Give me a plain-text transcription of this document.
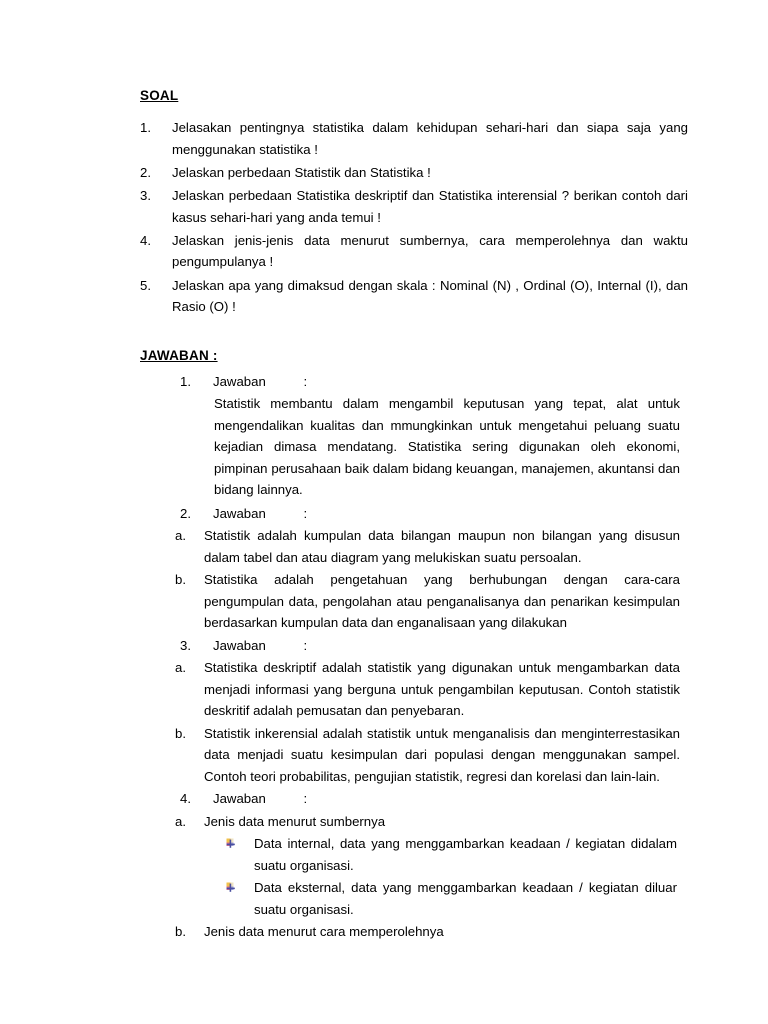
SOAL
1.	Jelasakan pentingnya statistika dalam kehidupan sehari-hari dan siapa saja yang menggunakan statistika !
2.	Jelaskan perbedaan Statistik dan Statistika !
3.	Jelaskan perbedaan Statistika deskriptif dan Statistika interensial ? berikan contoh dari kasus sehari-hari yang anda temui !
4.	Jelaskan jenis-jenis data menurut sumbernya, cara memperolehnya dan waktu pengumpulanya !
5.	Jelaskan apa yang dimaksud dengan skala : Nominal (N) , Ordinal (O), Internal (I), dan Rasio (O) !
JAWABAN :
1.	Jawaban	:
Statistik membantu dalam mengambil keputusan yang tepat, alat untuk mengendalikan kualitas dan mmungkinkan untuk mengetahui peluang suatu kejadian dimasa mendatang. Statistika sering digunakan oleh ekonomi, pimpinan perusahaan baik dalam bidang keuangan, manajemen, akuntansi dan bidang lainnya.
2.	Jawaban	:
a.	Statistik adalah kumpulan data bilangan maupun non bilangan yang disusun dalam tabel dan atau diagram yang melukiskan suatu persoalan.
b.	Statistika adalah pengetahuan yang berhubungan dengan cara-cara pengumpulan data, pengolahan atau penganalisanya dan penarikan kesimpulan berdasarkan kumpulan data dan enganalisaan yang dilakukan
3.	Jawaban	:
a.	Statistika deskriptif adalah statistik yang digunakan untuk mengambarkan data menjadi informasi yang berguna untuk pengambilan keputusan. Contoh statistik deskritif adalah pemusatan dan penyebaran.
b.	Statistik inkerensial adalah statistik untuk menganalisis dan menginterrestasikan data menjadi suatu kesimpulan dari populasi dengan menggunakan sampel. Contoh teori probabilitas, pengujian statistik, regresi dan korelasi dan lain-lain.
4.	Jawaban	:
a.	Jenis data menurut sumbernya
Data internal, data yang menggambarkan keadaan / kegiatan didalam suatu organisasi.
Data eksternal, data yang menggambarkan keadaan / kegiatan diluar suatu organisasi.
b.	Jenis data menurut cara memperolehnya
